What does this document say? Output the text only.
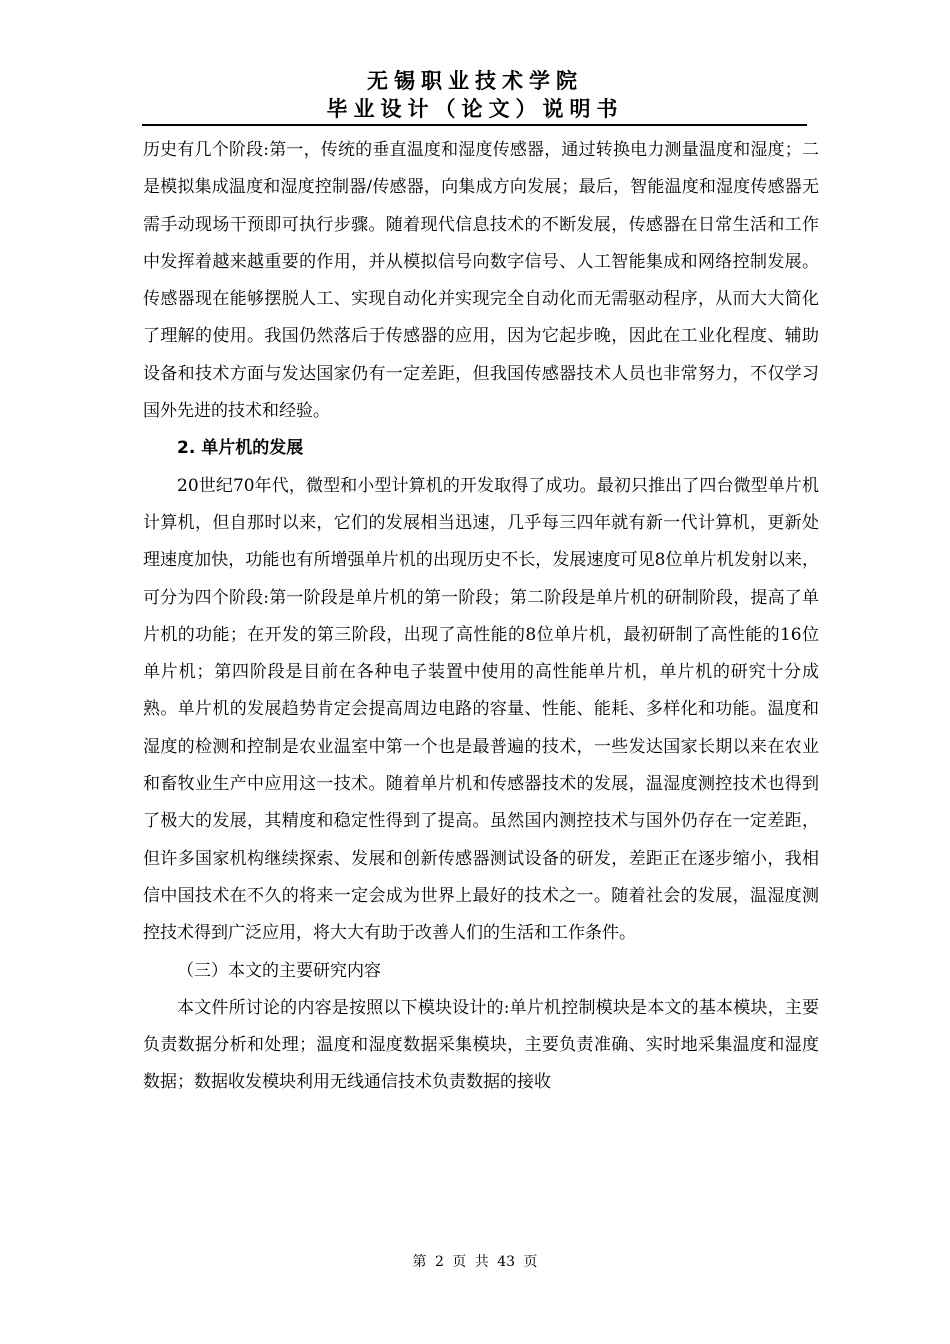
无锡职业技术学院
毕业设计（论文）说明书

历史有几个阶段:第一，传统的垂直温度和湿度传感器，通过转换电力测量温度和湿度；二是模拟集成温度和湿度控制器/传感器，向集成方向发展；最后，智能温度和湿度传感器无需手动现场干预即可执行步骤。随着现代信息技术的不断发展，传感器在日常生活和工作中发挥着越来越重要的作用，并从模拟信号向数字信号、人工智能集成和网络控制发展。传感器现在能够摆脱人工、实现自动化并实现完全自动化而无需驱动程序，从而大大简化了理解的使用。我国仍然落后于传感器的应用，因为它起步晚，因此在工业化程度、辅助设备和技术方面与发达国家仍有一定差距，但我国传感器技术人员也非常努力，不仅学习国外先进的技术和经验。

2. 单片机的发展

20世纪70年代，微型和小型计算机的开发取得了成功。最初只推出了四台微型单片机计算机，但自那时以来，它们的发展相当迅速，几乎每三四年就有新一代计算机，更新处理速度加快，功能也有所增强单片机的出现历史不长，发展速度可见8位单片机发射以来，可分为四个阶段:第一阶段是单片机的第一阶段；第二阶段是单片机的研制阶段，提高了单片机的功能；在开发的第三阶段，出现了高性能的8位单片机，最初研制了高性能的16位单片机；第四阶段是目前在各种电子装置中使用的高性能单片机，单片机的研究十分成熟。单片机的发展趋势肯定会提高周边电路的容量、性能、能耗、多样化和功能。温度和湿度的检测和控制是农业温室中第一个也是最普遍的技术，一些发达国家长期以来在农业和畜牧业生产中应用这一技术。随着单片机和传感器技术的发展，温湿度测控技术也得到了极大的发展，其精度和稳定性得到了提高。虽然国内测控技术与国外仍存在一定差距，但许多国家机构继续探索、发展和创新传感器测试设备的研发，差距正在逐步缩小，我相信中国技术在不久的将来一定会成为世界上最好的技术之一。随着社会的发展，温湿度测控技术得到广泛应用，将大大有助于改善人们的生活和工作条件。

（三）本文的主要研究内容

本文件所讨论的内容是按照以下模块设计的:单片机控制模块是本文的基本模块，主要负责数据分析和处理；温度和湿度数据采集模块，主要负责准确、实时地采集温度和湿度数据；数据收发模块利用无线通信技术负责数据的接收

第 2 页 共 43 页
